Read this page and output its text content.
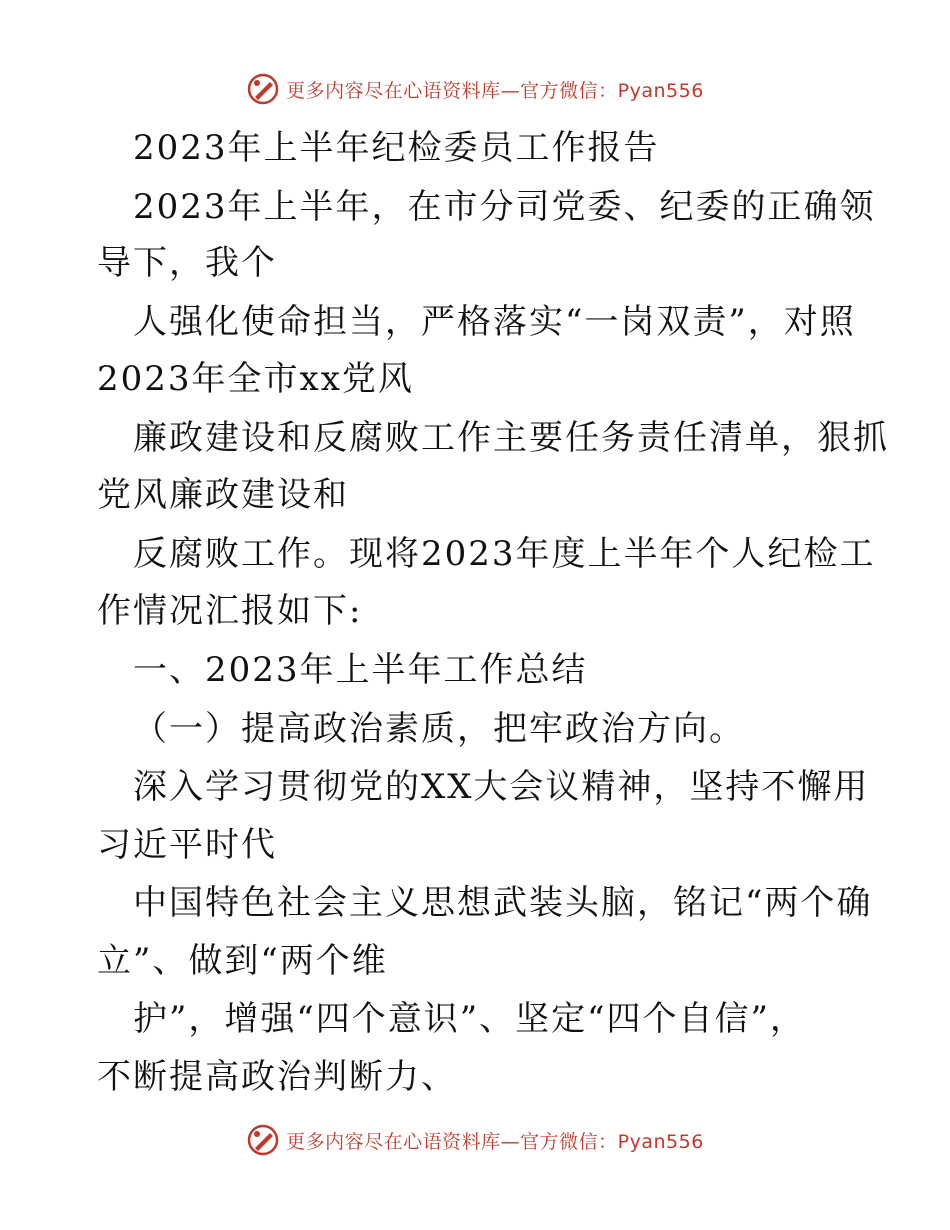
更多内容尽在心语资料库—官方微信：Pyan556
2023年上半年纪检委员工作报告
2023年上半年，在市分司党委、纪委的正确领
导下，我个
人强化使命担当，严格落实“一岗双责”，对照
2023年全市xx党风
廉政建设和反腐败工作主要任务责任清单，狠抓
党风廉政建设和
反腐败工作。现将2023年度上半年个人纪检工
作情况汇报如下:
一、2023年上半年工作总结
（一）提高政治素质，把牢政治方向。
深入学习贯彻党的XX大会议精神，坚持不懈用
习近平时代
中国特色社会主义思想武装头脑，铭记“两个确
立”、做到“两个维
护”，增强“四个意识”、坚定“四个自信”，
不断提高政治判断力、
更多内容尽在心语资料库—官方微信：Pyan556
